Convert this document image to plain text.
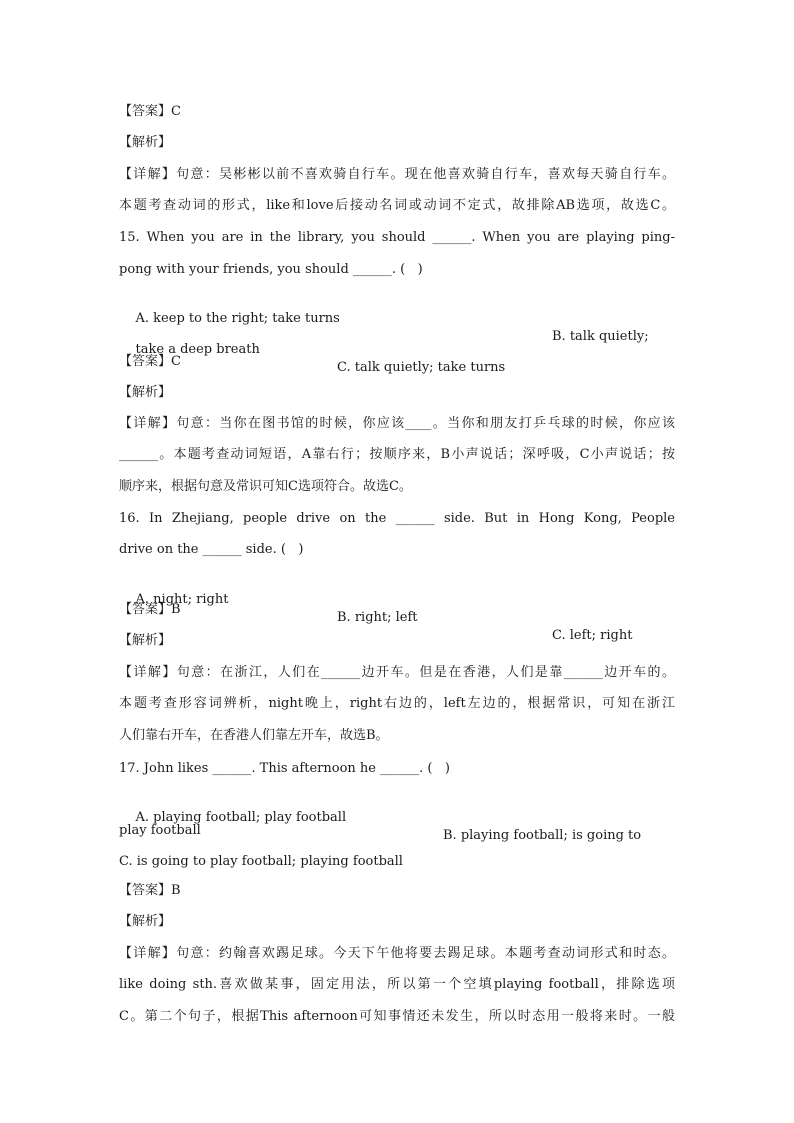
【答案】C
【解析】
【详解】句意：吴彬彬以前不喜欢骑自行车。现在他喜欢骑自行车，喜欢每天骑自行车。
本题考查动词的形式，like和love后接动名词或动词不定式，故排除AB选项，故选C。
15. When you are in the library, you should ______. When you are playing ping-
pong with your friends, you should ______. (   )

A. keep to the right; take turns

B. talk quietly;

take a deep breath

C. talk quietly; take turns

【答案】C
【解析】
【详解】句意：当你在图书馆的时候，你应该____。当你和朋友打乒乓球的时候，你应该
______。本题考查动词短语，A靠右行；按顺序来，B小声说话；深呼吸，C小声说话；按
顺序来，根据句意及常识可知C选项符合。故选C。
16. In Zhejiang, people drive on the ______ side. But in Hong Kong, People
drive on the ______ side. (   )

A. night; right

B. right; left

C. left; right

【答案】B
【解析】
【详解】句意：在浙江，人们在______边开车。但是在香港，人们是靠______边开车的。
本题考查形容词辨析，night晚上，right右边的，left左边的，根据常识，可知在浙江
人们靠右开车，在香港人们靠左开车，故选B。
17. John likes ______. This afternoon he ______. (   )

A. playing football; play football

B. playing football; is going to

play football
C. is going to play football; playing football
【答案】B
【解析】
【详解】句意：约翰喜欢踢足球。今天下午他将要去踢足球。本题考查动词形式和时态。
like doing sth.喜欢做某事，固定用法，所以第一个空填playing football，排除选项
C。第二个句子，根据This afternoon可知事情还未发生，所以时态用一般将来时。一般
